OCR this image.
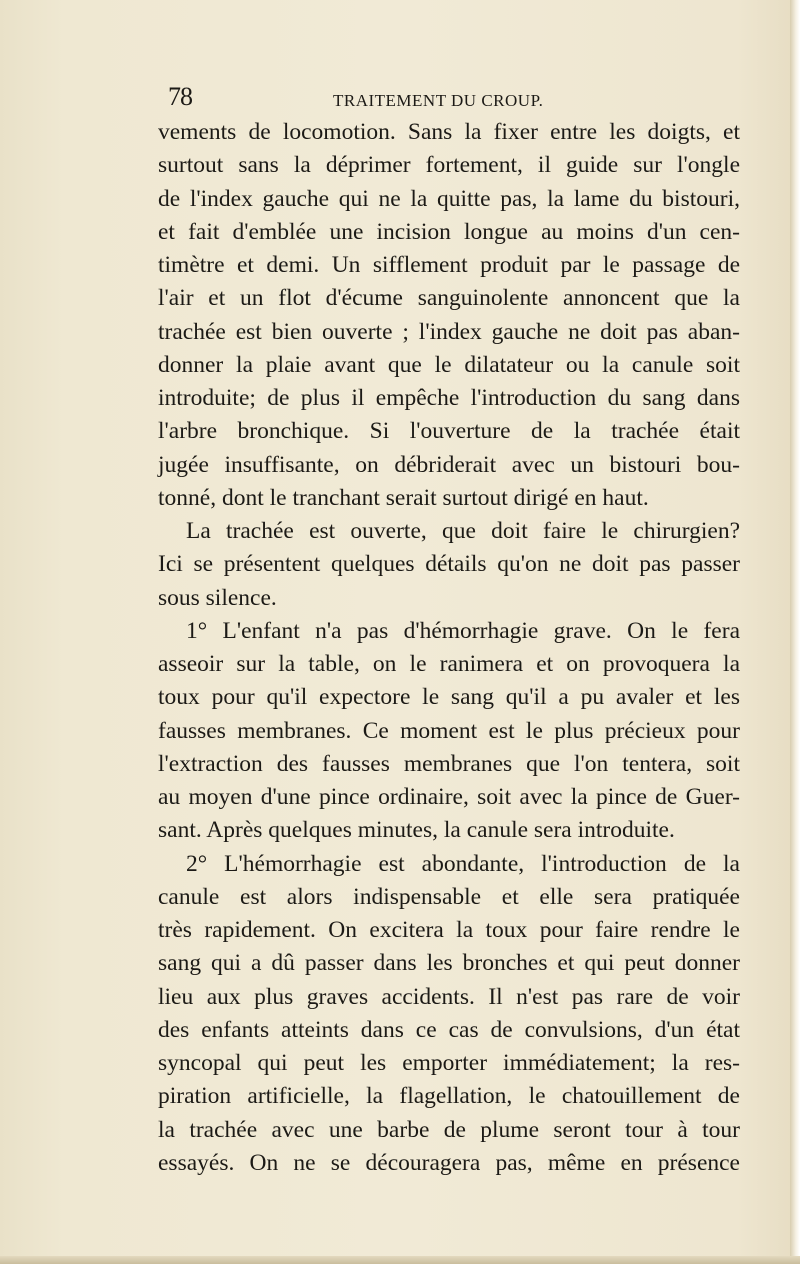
78	TRAITEMENT DU CROUP.
vements de locomotion. Sans la fixer entre les doigts, et
surtout sans la déprimer fortement, il guide sur l'ongle
de l'index gauche qui ne la quitte pas, la lame du bistouri,
et fait d'emblée une incision longue au moins d'un cen-
timètre et demi. Un sifflement produit par le passage de
l'air et un flot d'écume sanguinolente annoncent que la
trachée est bien ouverte ; l'index gauche ne doit pas aban-
donner la plaie avant que le dilatateur ou la canule soit
introduite; de plus il empêche l'introduction du sang dans
l'arbre bronchique. Si l'ouverture de la trachée était
jugée insuffisante, on débriderait avec un bistouri bou-
tonné, dont le tranchant serait surtout dirigé en haut.
La trachée est ouverte, que doit faire le chirurgien?
Ici se présentent quelques détails qu'on ne doit pas passer
sous silence.
1° L'enfant n'a pas d'hémorrhagie grave. On le fera
asseoir sur la table, on le ranimera et on provoquera la
toux pour qu'il expectore le sang qu'il a pu avaler et les
fausses membranes. Ce moment est le plus précieux pour
l'extraction des fausses membranes que l'on tentera, soit
au moyen d'une pince ordinaire, soit avec la pince de Guer-
sant. Après quelques minutes, la canule sera introduite.
2° L'hémorrhagie est abondante, l'introduction de la
canule est alors indispensable et elle sera pratiquée
très rapidement. On excitera la toux pour faire rendre le
sang qui a dû passer dans les bronches et qui peut donner
lieu aux plus graves accidents. Il n'est pas rare de voir
des enfants atteints dans ce cas de convulsions, d'un état
syncopal qui peut les emporter immédiatement; la res-
piration artificielle, la flagellation, le chatouillement de
la trachée avec une barbe de plume seront tour à tour
essayés. On ne se découragera pas, même en présence
